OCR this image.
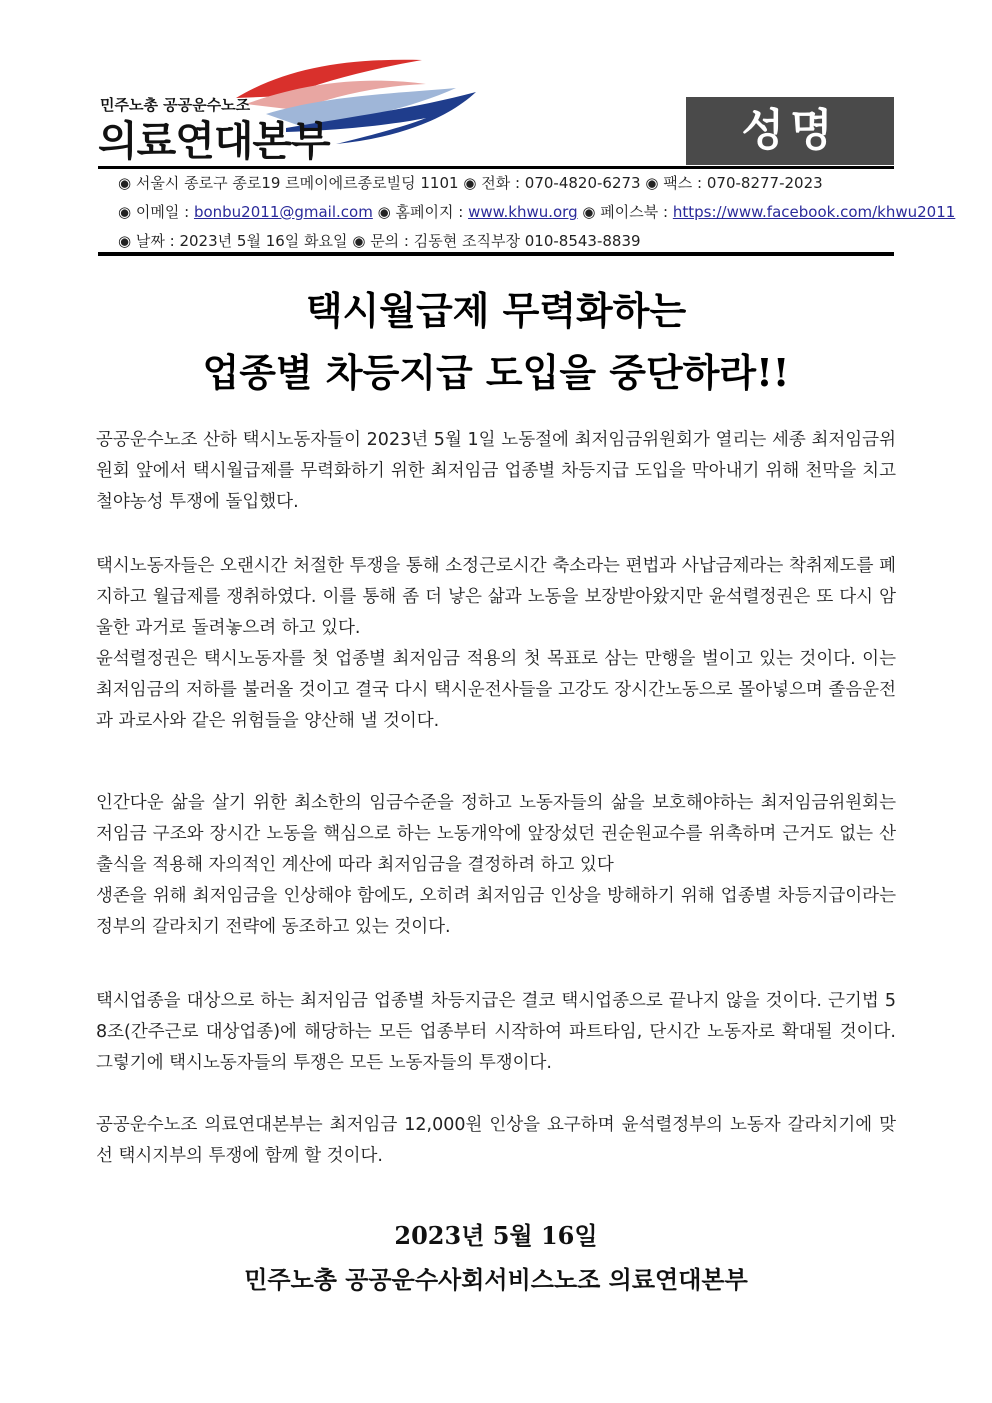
민주노총 공공운수노조
의료연대본부	성명
◉ 서울시 종로구 종로19 르메이에르종로빌딩 1101 ◉ 전화 : 070-4820-6273 ◉ 팩스 : 070-8277-2023
◉ 이메일 : bonbu2011@gmail.com ◉ 홈페이지 : www.khwu.org ◉ 페이스북 : https://www.facebook.com/khwu2011
◉ 날짜 : 2023년 5월 16일 화요일 ◉ 문의 : 김동현 조직부장 010-8543-8839
택시월급제 무력화하는
업종별 차등지급 도입을 중단하라!!

공공운수노조 산하 택시노동자들이 2023년 5월 1일 노동절에 최저임금위원회가 열리는 세종 최저임금위원회 앞에서 택시월급제를 무력화하기 위한 최저임금 업종별 차등지급 도입을 막아내기 위해 천막을 치고 철야농성 투쟁에 돌입했다.

택시노동자들은 오랜시간 처절한 투쟁을 통해 소정근로시간 축소라는 편법과 사납금제라는 착취제도를 폐지하고 월급제를 쟁취하였다. 이를 통해 좀 더 낳은 삶과 노동을 보장받아왔지만 윤석렬정권은 또 다시 암울한 과거로 돌려놓으려 하고 있다.

윤석렬정권은 택시노동자를 첫 업종별 최저임금 적용의 첫 목표로 삼는 만행을 벌이고 있는 것이다. 이는 최저임금의 저하를 불러올 것이고 결국 다시 택시운전사들을 고강도 장시간노동으로 몰아넣으며 졸음운전과 과로사와 같은 위험들을 양산해 낼 것이다.

인간다운 삶을 살기 위한 최소한의 임금수준을 정하고 노동자들의 삶을 보호해야하는 최저임금위원회는 저임금 구조와 장시간 노동을 핵심으로 하는 노동개악에 앞장섰던 권순원교수를 위촉하며 근거도 없는 산출식을 적용해 자의적인 계산에 따라 최저임금을 결정하려 하고 있다

생존을 위해 최저임금을 인상해야 함에도, 오히려 최저임금 인상을 방해하기 위해 업종별 차등지급이라는 정부의 갈라치기 전략에 동조하고 있는 것이다.

택시업종을 대상으로 하는 최저임금 업종별 차등지급은 결코 택시업종으로 끝나지 않을 것이다. 근기법 58조(간주근로 대상업종)에 해당하는 모든 업종부터 시작하여 파트타임, 단시간 노동자로 확대될 것이다. 그렇기에 택시노동자들의 투쟁은 모든 노동자들의 투쟁이다.

공공운수노조 의료연대본부는 최저임금 12,000원 인상을 요구하며 윤석렬정부의 노동자 갈라치기에 맞선 택시지부의 투쟁에 함께 할 것이다.

2023년 5월 16일
민주노총 공공운수사회서비스노조 의료연대본부
